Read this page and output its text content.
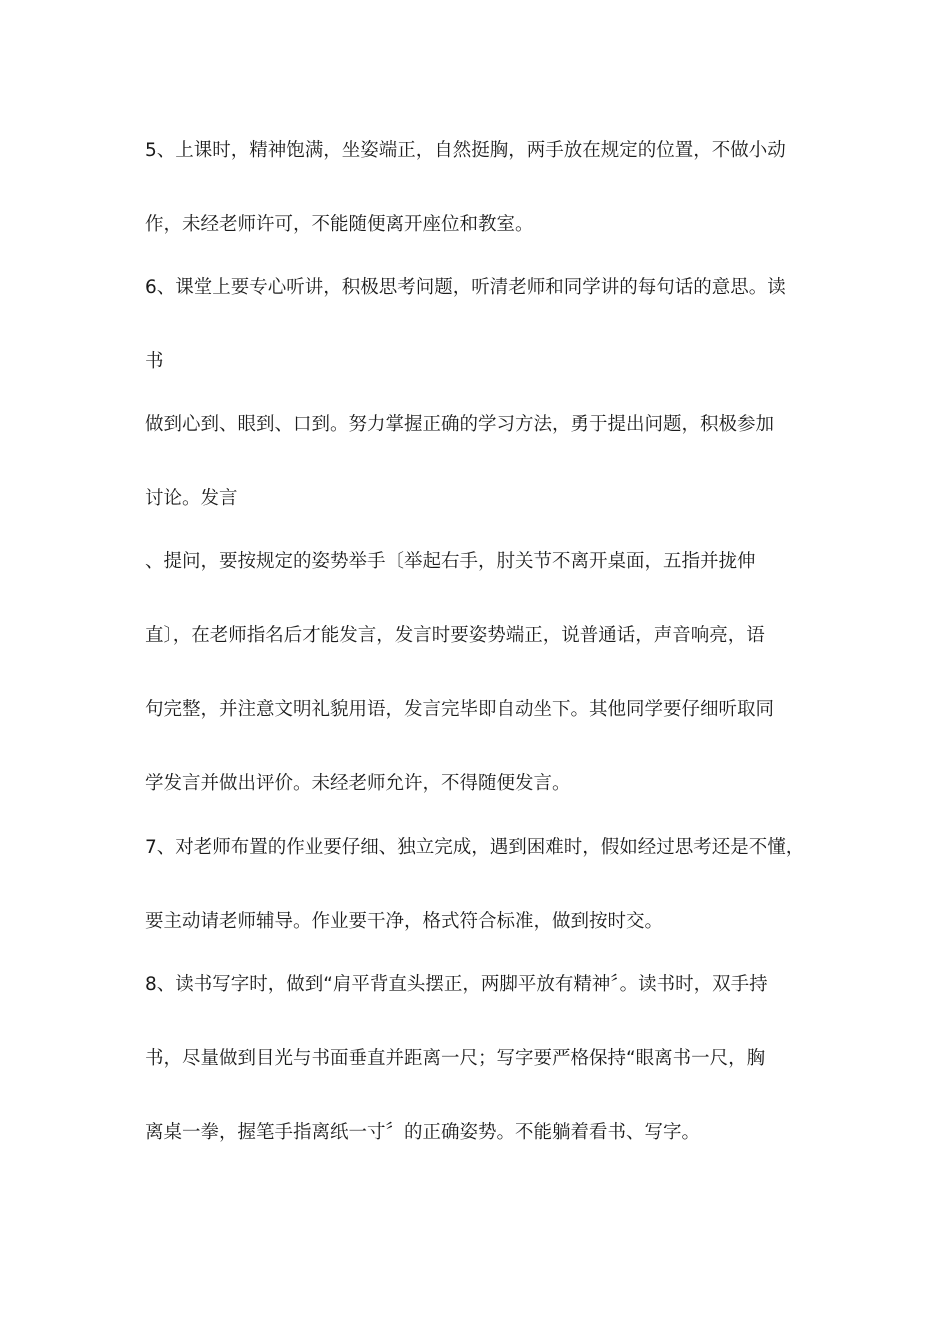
5、上课时，精神饱满，坐姿端正，自然挺胸，两手放在规定的位置，不做小动
作，未经老师许可，不能随便离开座位和教室。
6、课堂上要专心听讲，积极思考问题，听清老师和同学讲的每句话的意思。读
书
做到心到、眼到、口到。努力掌握正确的学习方法，勇于提出问题，积极参加
讨论。发言
、提问，要按规定的姿势举手〔举起右手，肘关节不离开桌面，五指并拢伸
直〕，在老师指名后才能发言，发言时要姿势端正，说普通话，声音响亮，语
句完整，并注意文明礼貌用语，发言完毕即自动坐下。其他同学要仔细听取同
学发言并做出评价。未经老师允许，不得随便发言。
7、对老师布置的作业要仔细、独立完成，遇到困难时，假如经过思考还是不懂，
要主动请老师辅导。作业要干净，格式符合标准，做到按时交。
8、读书写字时，做到“肩平背直头摆正，两脚平放有精神〞。读书时，双手持
书，尽量做到目光与书面垂直并距离一尺；写字要严格保持“眼离书一尺，胸
离桌一拳，握笔手指离纸一寸〞的正确姿势。不能躺着看书、写字。
